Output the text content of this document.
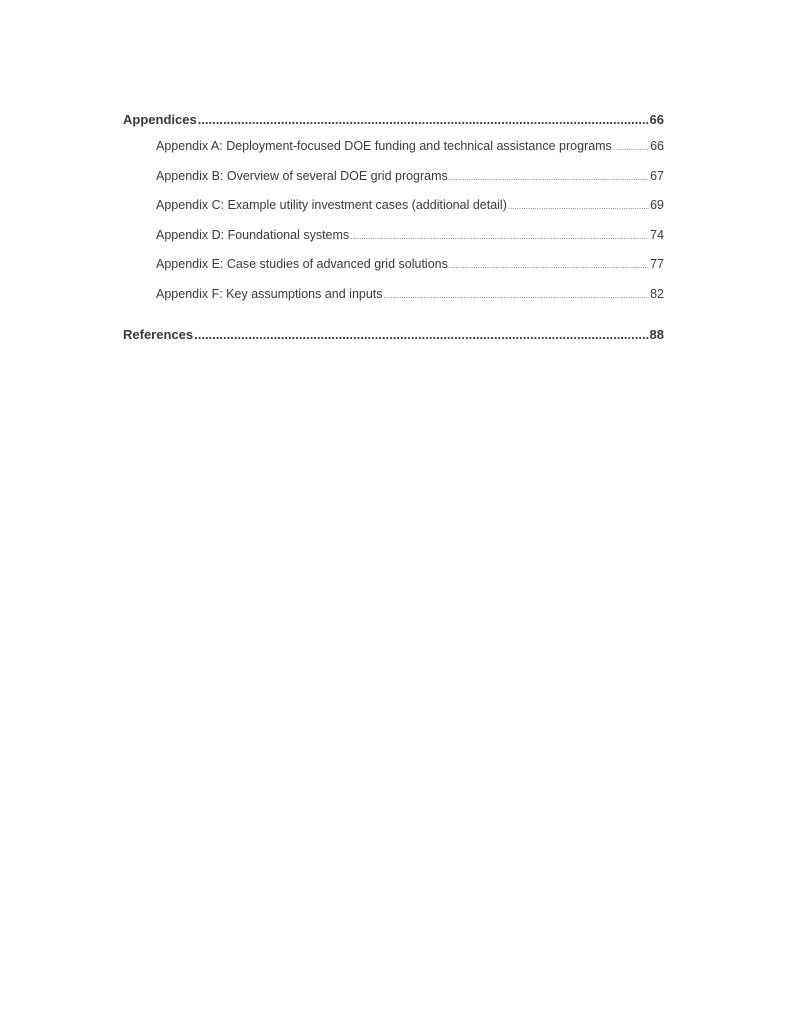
Appendices .....	66
Appendix A: Deployment-focused DOE funding and technical assistance programs .....	66
Appendix B: Overview of several DOE grid programs .....	67
Appendix C: Example utility investment cases (additional detail) .....	69
Appendix D: Foundational systems .....	74
Appendix E: Case studies of advanced grid solutions .....	77
Appendix F: Key assumptions and inputs .....	82
References .....	88
